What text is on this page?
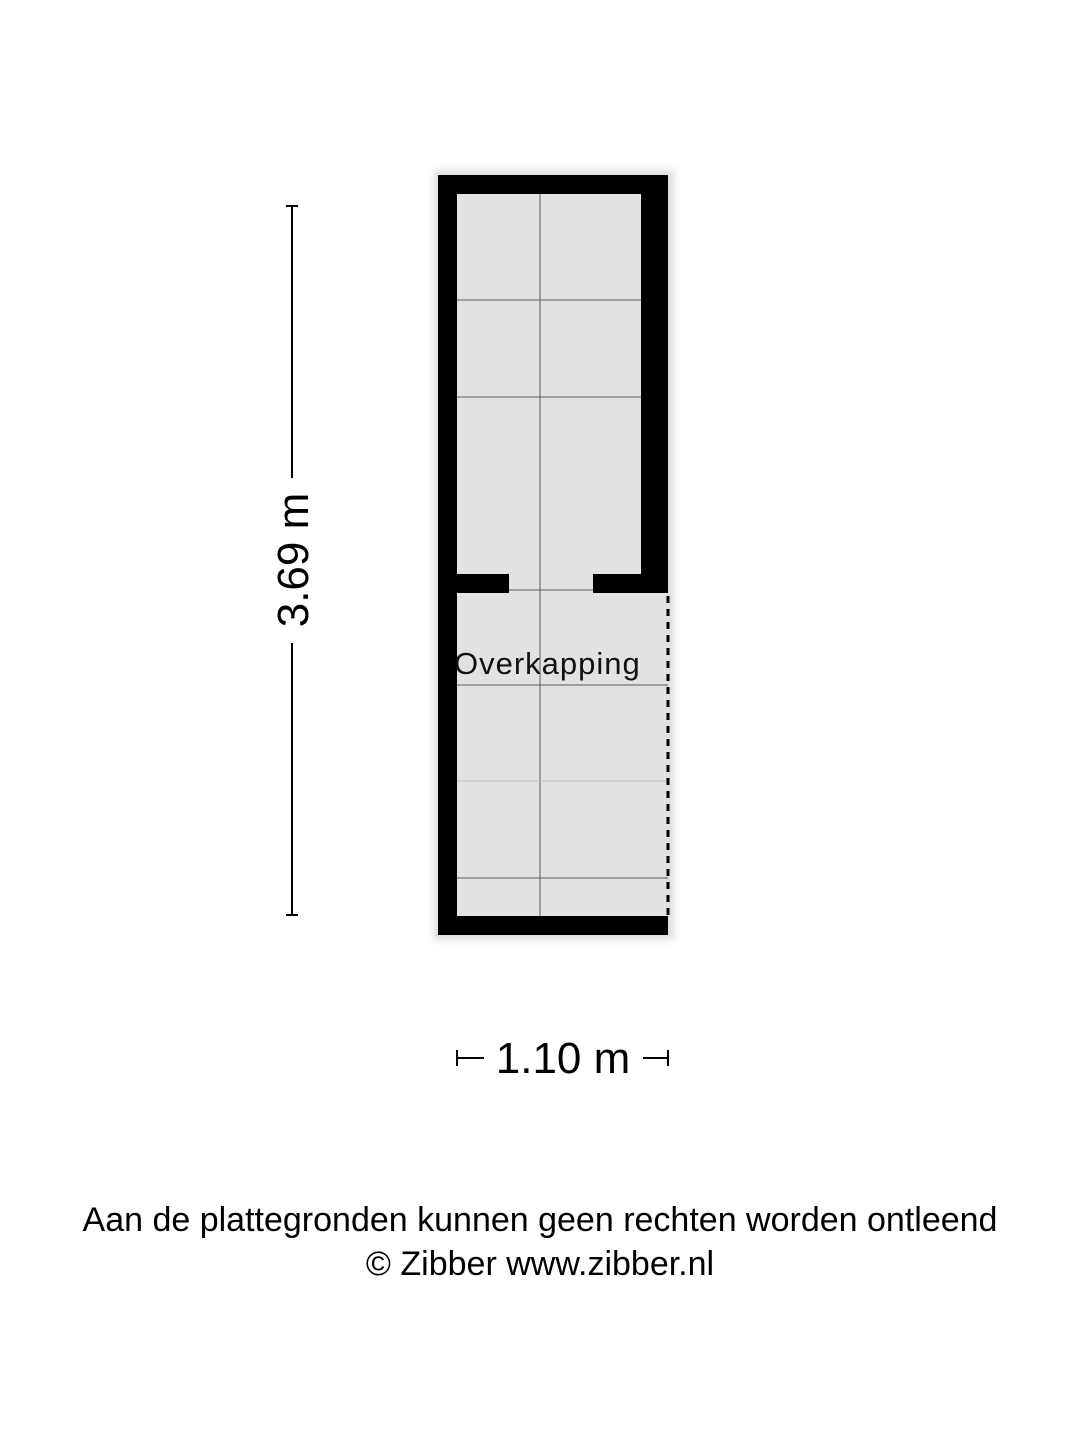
Overkapping
3.69 m
1.10 m
Aan de plattegronden kunnen geen rechten worden ontleend
© Zibber www.zibber.nl
